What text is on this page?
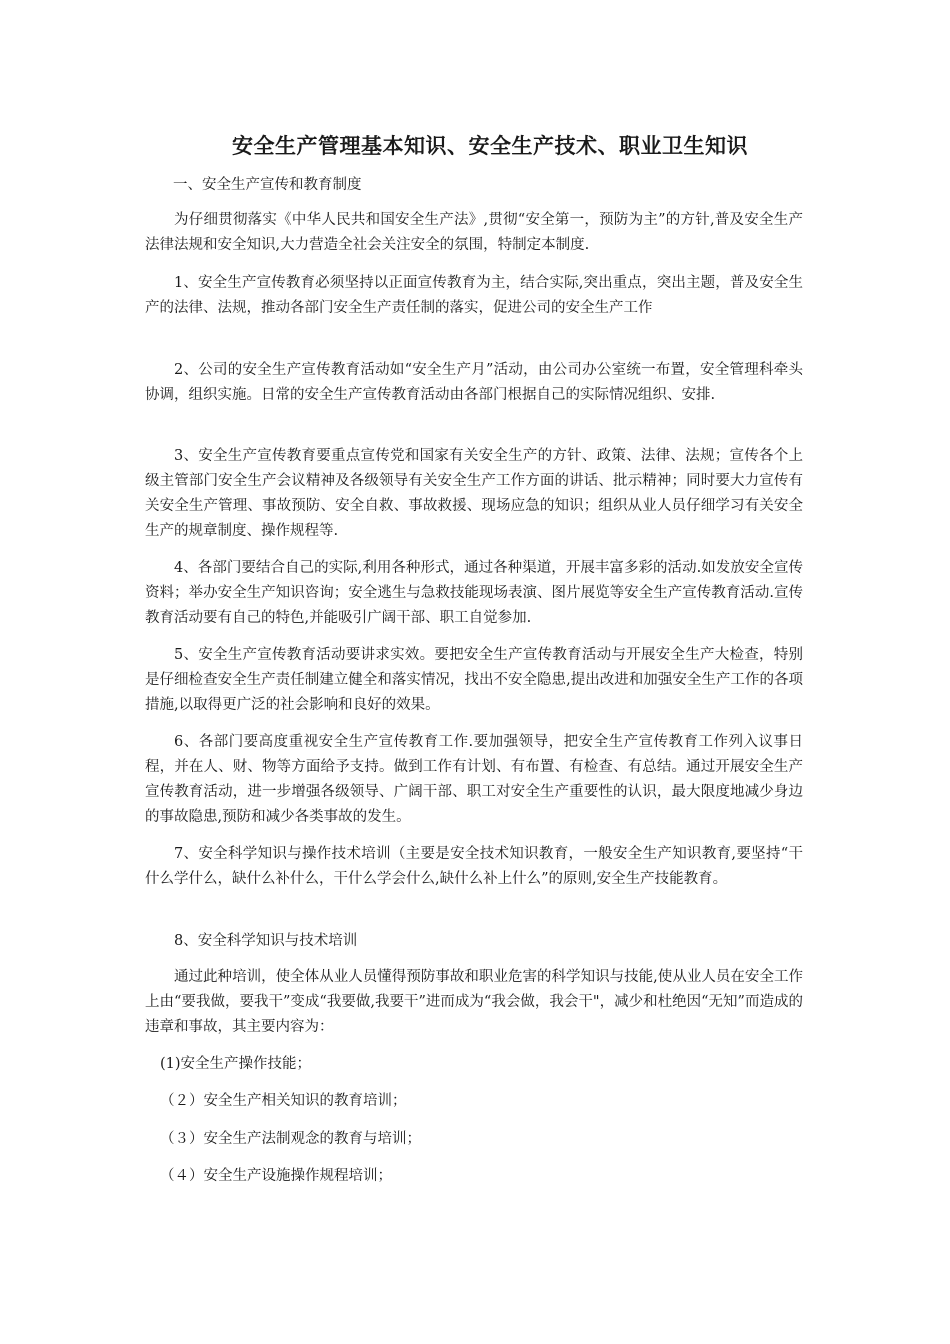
安全生产管理基本知识、安全生产技术、职业卫生知识
一、安全生产宣传和教育制度

为仔细贯彻落实《中华人民共和国安全生产法》,贯彻“安全第一，预防为主”的方针,普及安全生产法律法规和安全知识,大力营造全社会关注安全的氛围，特制定本制度.

1、安全生产宣传教育必须坚持以正面宣传教育为主，结合实际,突出重点，突出主题，普及安全生产的法律、法规，推动各部门安全生产责任制的落实，促进公司的安全生产工作

2、公司的安全生产宣传教育活动如“安全生产月”活动，由公司办公室统一布置，安全管理科牵头协调，组织实施。日常的安全生产宣传教育活动由各部门根据自己的实际情况组织、安排.

3、安全生产宣传教育要重点宣传党和国家有关安全生产的方针、政策、法律、法规；宣传各个上级主管部门安全生产会议精神及各级领导有关安全生产工作方面的讲话、批示精神；同时要大力宣传有关安全生产管理、事故预防、安全自救、事故救援、现场应急的知识；组织从业人员仔细学习有关安全生产的规章制度、操作规程等.

4、各部门要结合自己的实际,利用各种形式，通过各种渠道，开展丰富多彩的活动.如发放安全宣传资料；举办安全生产知识咨询；安全逃生与急救技能现场表演、图片展览等安全生产宣传教育活动.宣传教育活动要有自己的特色,并能吸引广阔干部、职工自觉参加.

5、安全生产宣传教育活动要讲求实效。要把安全生产宣传教育活动与开展安全生产大检查，特别是仔细检查安全生产责任制建立健全和落实情况，找出不安全隐患,提出改进和加强安全生产工作的各项措施,以取得更广泛的社会影响和良好的效果。

6、各部门要高度重视安全生产宣传教育工作.要加强领导，把安全生产宣传教育工作列入议事日程，并在人、财、物等方面给予支持。做到工作有计划、有布置、有检查、有总结。通过开展安全生产宣传教育活动，进一步增强各级领导、广阔干部、职工对安全生产重要性的认识，最大限度地减少身边的事故隐患,预防和减少各类事故的发生。

7、安全科学知识与操作技术培训（主要是安全技术知识教育，一般安全生产知识教育,要坚持“干什么学什么，缺什么补什么，干什么学会什么,缺什么补上什么”的原则,安全生产技能教育。

8、安全科学知识与技术培训

通过此种培训，使全体从业人员懂得预防事故和职业危害的科学知识与技能,使从业人员在安全工作上由“要我做，要我干”变成“我要做,我要干”进而成为“我会做，我会干"，减少和杜绝因“无知”而造成的违章和事故，其主要内容为：

(1)安全生产操作技能；
（２）安全生产相关知识的教育培训；
（３）安全生产法制观念的教育与培训；
（４）安全生产设施操作规程培训；
